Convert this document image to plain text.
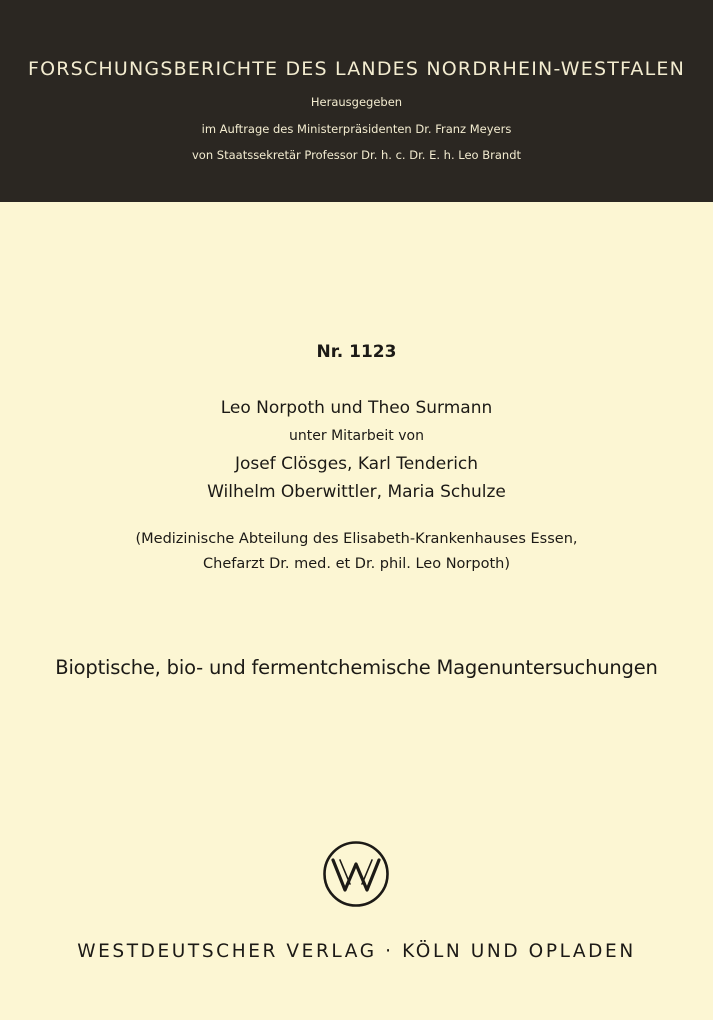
FORSCHUNGSBERICHTE DES LANDES NORDRHEIN-WESTFALEN
Herausgegeben
im Auftrage des Ministerpräsidenten Dr. Franz Meyers
von Staatssekretär Professor Dr. h. c. Dr. E. h. Leo Brandt
Nr. 1123
Leo Norpoth und Theo Surmann
unter Mitarbeit von
Josef Clösges, Karl Tenderich
Wilhelm Oberwittler, Maria Schulze
(Medizinische Abteilung des Elisabeth-Krankenhauses Essen,
Chefarzt Dr. med. et Dr. phil. Leo Norpoth)
Bioptische, bio- und fermentchemische Magenuntersuchungen
WESTDEUTSCHER VERLAG · KÖLN UND OPLADEN
